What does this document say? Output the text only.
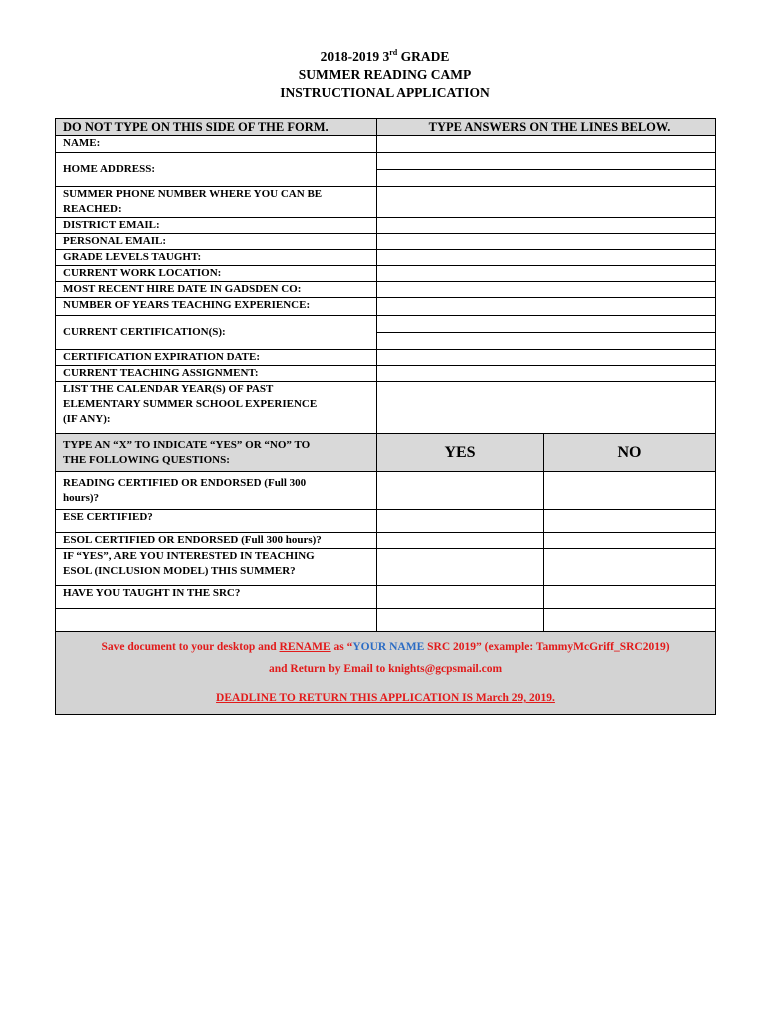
2018-2019 3rd GRADE
SUMMER READING CAMP
INSTRUCTIONAL APPLICATION
DO NOT TYPE ON THIS SIDE OF THE FORM.	TYPE ANSWERS ON THE LINES BELOW.	
NAME:		
HOME ADDRESS:		

SUMMER PHONE NUMBER WHERE YOU CAN BE
REACHED:		

DISTRICT EMAIL:		
PERSONAL EMAIL:		
GRADE LEVELS TAUGHT:		
CURRENT WORK LOCATION:		
MOST RECENT HIRE DATE IN GADSDEN CO:		
NUMBER OF YEARS TEACHING EXPERIENCE:		
CURRENT CERTIFICATION(S):		

CERTIFICATION EXPIRATION DATE:		
CURRENT TEACHING ASSIGNMENT:		

LIST THE CALENDAR YEAR(S) OF PAST
ELEMENTARY SUMMER SCHOOL EXPERIENCE
(IF ANY):		

TYPE AN “X” TO INDICATE “YES” OR “NO” TO
THE FOLLOWING QUESTIONS:	YES	NO

READING CERTIFIED OR ENDORSED (Full 300
hours)?		

ESE CERTIFIED?		
ESOL CERTIFIED OR ENDORSED (Full 300 hours)?		

IF “YES”, ARE YOU INTERESTED IN TEACHING
ESOL (INCLUSION MODEL) THIS SUMMER?		

HAVE YOU TAUGHT IN THE SRC?		

Save document to your desktop and RENAME as “YOUR NAME SRC 2019” (example: TammyMcGriff_SRC2019)
and Return by Email to knights@gcpsmail.com
DEADLINE TO RETURN THIS APPLICATION IS March 29, 2019.		
